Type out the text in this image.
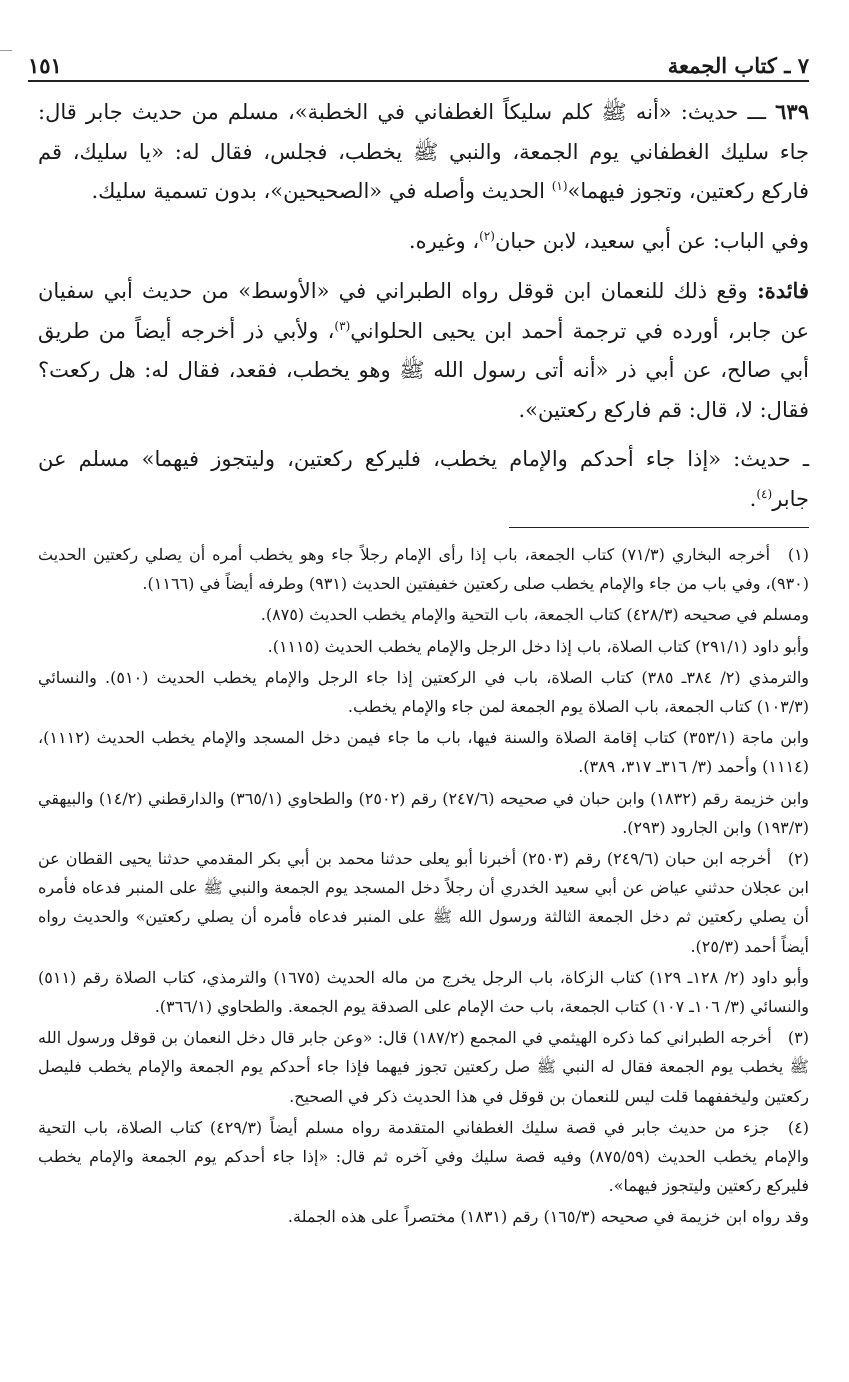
٧ ـ كتاب الجمعة
١٥١

٦٣٩ ـــ حديث: «أنه ﷺ كلم سليكاً الغطفاني في الخطبة»، مسلم من حديث جابر قال: جاء سليك الغطفاني يوم الجمعة، والنبي ﷺ يخطب، فجلس، فقال له: «يا سليك، قم فاركع ركعتين، وتجوز فيهما»$^{(١)}$ الحديث وأصله في «الصحيحين»، بدون تسمية سليك.

وفي الباب: عن أبي سعيد، لابن حبان$^{(٢)}$، وغيره.

فائدة: وقع ذلك للنعمان ابن قوقل رواه الطبراني في «الأوسط» من حديث أبي سفيان عن جابر، أورده في ترجمة أحمد ابن يحيى الحلواني$^{(٣)}$، ولأبي ذر أخرجه أيضاً من طريق أبي صالح، عن أبي ذر «أنه أتى رسول الله ﷺ وهو يخطب، فقعد، فقال له: هل ركعت؟ فقال: لا، قال: قم فاركع ركعتين».

ـ حديث: «إذا جاء أحدكم والإمام يخطب، فليركع ركعتين، وليتجوز فيهما» مسلم عن جابر$^{(٤)}$.

(١) أخرجه البخاري (٧١/٣) كتاب الجمعة، باب إذا رأى الإمام رجلاً جاء وهو يخطب أمره أن يصلي ركعتين الحديث (٩٣٠)، وفي باب من جاء والإمام يخطب صلى ركعتين خفيفتين الحديث (٩٣١) وطرفه أيضاً في (١١٦٦).
ومسلم في صحيحه (٤٢٨/٣) كتاب الجمعة، باب التحية والإمام يخطب الحديث (٨٧٥).
وأبو داود (٢٩١/١) كتاب الصلاة، باب إذا دخل الرجل والإمام يخطب الحديث (١١١٥).
والترمذي (٢/ ٣٨٤ـ ٣٨٥) كتاب الصلاة، باب في الركعتين إذا جاء الرجل والإمام يخطب الحديث (٥١٠). والنسائي (١٠٣/٣) كتاب الجمعة، باب الصلاة يوم الجمعة لمن جاء والإمام يخطب.
وابن ماجة (٣٥٣/١) كتاب إقامة الصلاة والسنة فيها، باب ما جاء فيمن دخل المسجد والإمام يخطب الحديث (١١١٢)، (١١١٤) وأحمد (٣/ ٣١٦ـ ٣١٧، ٣٨٩).
وابن خزيمة رقم (١٨٣٢) وابن حبان في صحيحه (٢٤٧/٦) رقم (٢٥٠٢) والطحاوي (٣٦٥/١) والدارقطني (١٤/٢) والبيهقي (١٩٣/٣) وابن الجارود (٢٩٣).
(٢) أخرجه ابن حبان (٢٤٩/٦) رقم (٢٥٠٣) أخبرنا أبو يعلى حدثنا محمد بن أبي بكر المقدمي حدثنا يحيى القطان عن ابن عجلان حدثني عياض عن أبي سعيد الخدري أن رجلاً دخل المسجد يوم الجمعة والنبي ﷺ على المنبر فدعاه فأمره أن يصلي ركعتين ثم دخل الجمعة الثالثة ورسول الله ﷺ على المنبر فدعاه فأمره أن يصلي ركعتين» والحديث رواه أيضاً أحمد (٢٥/٣).
وأبو داود (٢/ ١٢٨ـ ١٢٩) كتاب الزكاة، باب الرجل يخرج من ماله الحديث (١٦٧٥) والترمذي، كتاب الصلاة رقم (٥١١) والنسائي (٣/ ١٠٦ـ ١٠٧) كتاب الجمعة، باب حث الإمام على الصدقة يوم الجمعة. والطحاوي (٣٦٦/١).
(٣) أخرجه الطبراني كما ذكره الهيثمي في المجمع (١٨٧/٢) قال: «وعن جابر قال دخل النعمان بن قوقل ورسول الله ﷺ يخطب يوم الجمعة فقال له النبي ﷺ صل ركعتين تجوز فيهما فإذا جاء أحدكم يوم الجمعة والإمام يخطب فليصل ركعتين وليخففهما قلت ليس للنعمان بن قوقل في هذا الحديث ذكر في الصحيح.
(٤) جزء من حديث جابر في قصة سليك الغطفاني المتقدمة رواه مسلم أيضاً (٤٢٩/٣) كتاب الصلاة، باب التحية والإمام يخطب الحديث (٨٧٥/٥٩) وفيه قصة سليك وفي آخره ثم قال: «إذا جاء أحدكم يوم الجمعة والإمام يخطب فليركع ركعتين وليتجوز فيهما».
وقد رواه ابن خزيمة في صحيحه (١٦٥/٣) رقم (١٨٣١) مختصراً على هذه الجملة.
